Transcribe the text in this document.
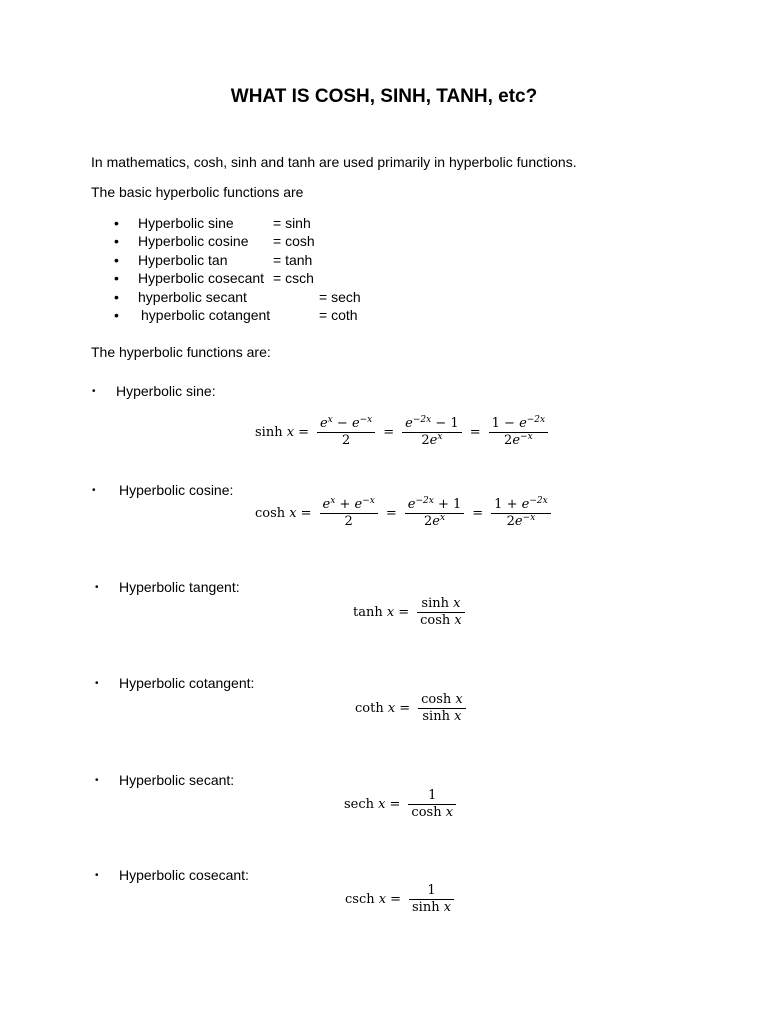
WHAT IS COSH, SINH, TANH, etc?
In mathematics, cosh, sinh and tanh are used primarily in hyperbolic functions.
The basic hyperbolic functions are
• Hyperbolic sine	= sinh
• Hyperbolic cosine = cosh
• Hyperbolic tan	= tanh
• Hyperbolic cosecant = csch
• hyperbolic secant	= sech
• hyperbolic cotangent	= coth
The hyperbolic functions are:
• Hyperbolic sine:
sinh
$x = \frac{e^x - e^{-x}}{2} = \frac{e^{-2x} - 1}{2e^x} = \frac{1 - e^{-2x}}{2e^{-x}}$
• Hyperbolic cosine:
cosh
$x = \frac{e^x + e^{-x}}{2} = \frac{e^{-2x} + 1}{2e^x} = \frac{1 + e^{-2x}}{2e^{-x}}$
• Hyperbolic tangent:
tanh
$x = \frac{\text{sinh x}}{\text{cosh x}}$
• Hyperbolic cotangent:
coth
$x = \frac{\text{cosh x}}{\text{sinh x}}$
• Hyperbolic secant:
sech
$x = \frac{1}{\text{cosh x}}$
• Hyperbolic cosecant:
csch
$x = \frac{1}{\text{sinh x}}$
